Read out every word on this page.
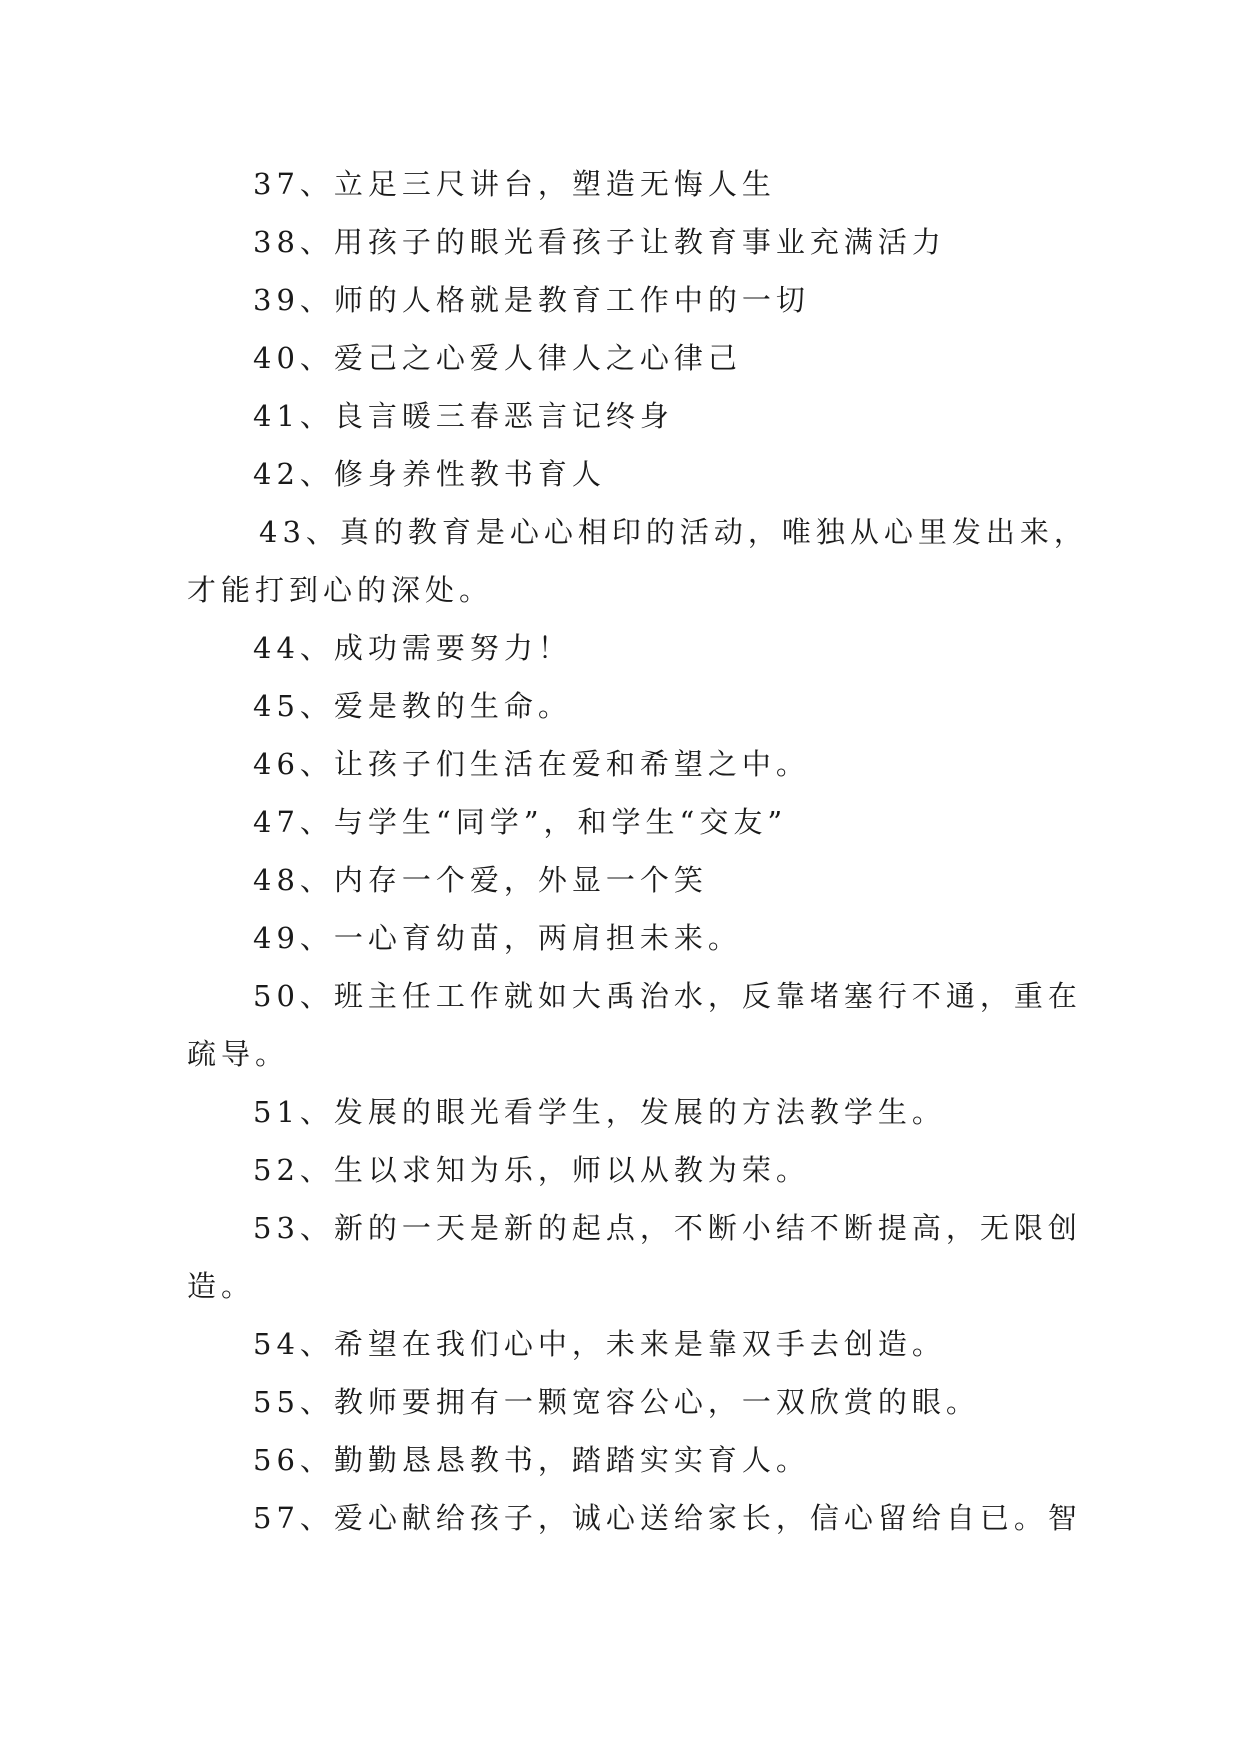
37、立足三尺讲台，塑造无悔人生
38、用孩子的眼光看孩子让教育事业充满活力
39、师的人格就是教育工作中的一切
40、爱己之心爱人律人之心律己
41、良言暖三春恶言记终身
42、修身养性教书育人
43、真的教育是心心相印的活动，唯独从心里发出来，
才能打到心的深处。
44、成功需要努力！
45、爱是教的生命。
46、让孩子们生活在爱和希望之中。
47、与学生“同学”，和学生“交友”
48、内存一个爱，外显一个笑
49、一心育幼苗，两肩担未来。
50、班主任工作就如大禹治水，反靠堵塞行不通，重在
疏导。
51、发展的眼光看学生，发展的方法教学生。
52、生以求知为乐，师以从教为荣。
53、新的一天是新的起点，不断小结不断提高，无限创
造。
54、希望在我们心中，未来是靠双手去创造。
55、教师要拥有一颗宽容公心，一双欣赏的眼。
56、勤勤恳恳教书，踏踏实实育人。
57、爱心献给孩子，诚心送给家长，信心留给自已。智
